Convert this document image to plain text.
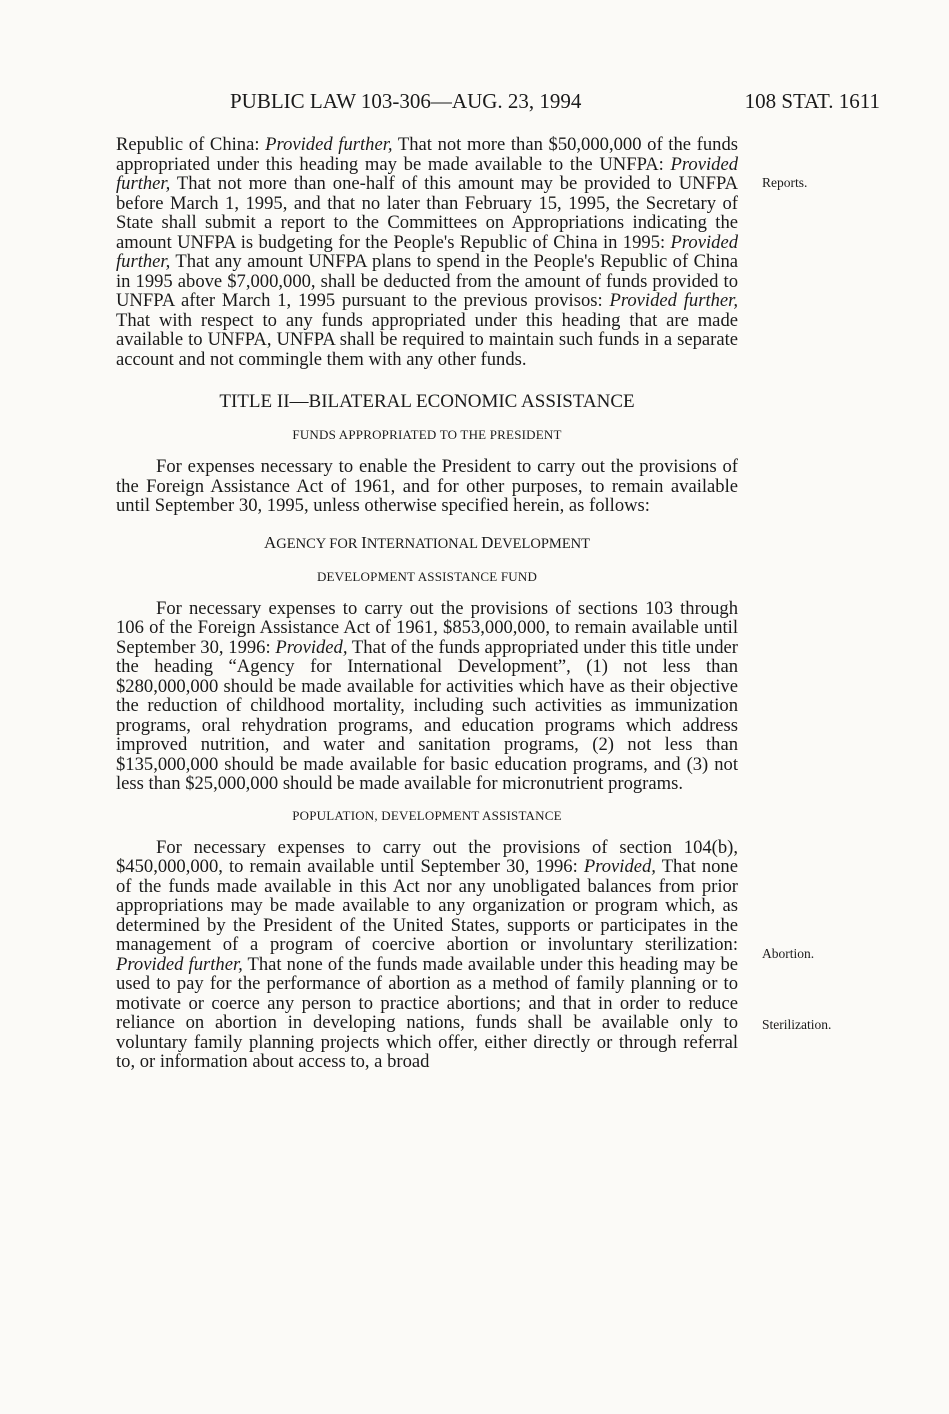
PUBLIC LAW 103-306—AUG. 23, 1994	108 STAT. 1611
Reports.
Abortion.
Sterilization.

Republic of China: Provided further, That not more than $50,000,000 of the funds appropriated under this heading may be made available to the UNFPA: Provided further, That not more than one-half of this amount may be provided to UNFPA before March 1, 1995, and that no later than February 15, 1995, the Secretary of State shall submit a report to the Committees on Appropriations indicating the amount UNFPA is budgeting for the People's Republic of China in 1995: Provided further, That any amount UNFPA plans to spend in the People's Republic of China in 1995 above $7,000,000, shall be deducted from the amount of funds provided to UNFPA after March 1, 1995 pursuant to the previous provisos: Provided further, That with respect to any funds appropriated under this heading that are made available to UNFPA, UNFPA shall be required to maintain such funds in a separate account and not commingle them with any other funds.

TITLE II—BILATERAL ECONOMIC ASSISTANCE
FUNDS APPROPRIATED TO THE PRESIDENT

For expenses necessary to enable the President to carry out the provisions of the Foreign Assistance Act of 1961, and for other purposes, to remain available until September 30, 1995, unless otherwise specified herein, as follows:

AGENCY FOR INTERNATIONAL DEVELOPMENT
DEVELOPMENT ASSISTANCE FUND

For necessary expenses to carry out the provisions of sections 103 through 106 of the Foreign Assistance Act of 1961, $853,000,000, to remain available until September 30, 1996: Provided, That of the funds appropriated under this title under the heading “Agency for International Development”, (1) not less than $280,000,000 should be made available for activities which have as their objective the reduction of childhood mortality, including such activities as immunization programs, oral rehydration programs, and education programs which address improved nutrition, and water and sanitation programs, (2) not less than $135,000,000 should be made available for basic education programs, and (3) not less than $25,000,000 should be made available for micronutrient programs.

POPULATION, DEVELOPMENT ASSISTANCE

For necessary expenses to carry out the provisions of section 104(b), $450,000,000, to remain available until September 30, 1996: Provided, That none of the funds made available in this Act nor any unobligated balances from prior appropriations may be made available to any organization or program which, as determined by the President of the United States, supports or participates in the management of a program of coercive abortion or involuntary sterilization: Provided further, That none of the funds made available under this heading may be used to pay for the performance of abortion as a method of family planning or to motivate or coerce any person to practice abortions; and that in order to reduce reliance on abortion in developing nations, funds shall be available only to voluntary family planning projects which offer, either directly or through referral to, or information about access to, a broad
